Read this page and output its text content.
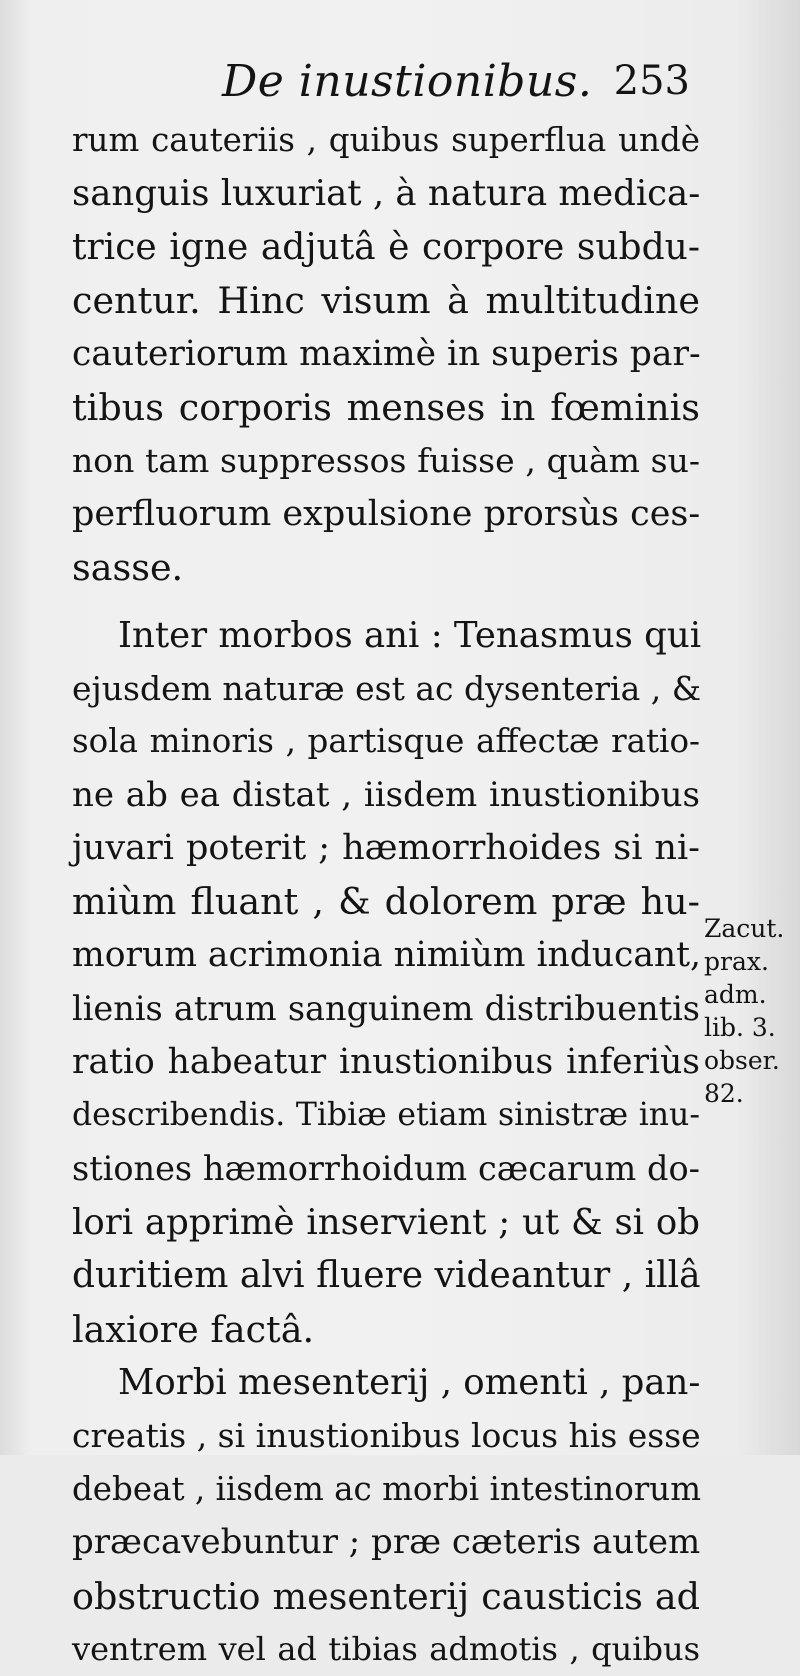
De inustionibus. 253
rum cauteriis , quibus superflua undè
sanguis luxuriat , à natura medica-
trice igne adjutâ è corpore subdu-
centur. Hinc visum à multitudine
cauteriorum maximè in superis par-
tibus corporis menses in fœminis
non tam suppressos fuisse , quàm su-
perfluorum expulsione prorsùs ces-
sasse.
Inter morbos ani : Tenasmus qui
ejusdem naturæ est ac dysenteria , &
sola minoris , partisque affectæ ratio-
ne ab ea distat , iisdem inustionibus
juvari poterit ; hæmorrhoides si ni-
miùm fluant , & dolorem præ hu-
morum acrimonia nimiùm inducant,
lienis atrum sanguinem distribuentis
ratio habeatur inustionibus inferiùs
describendis. Tibiæ etiam sinistræ inu-
stiones hæmorrhoidum cæcarum do-
lori apprimè inservient ; ut & si ob
duritiem alvi fluere videantur , illâ
laxiore factâ.
Morbi mesenterij , omenti , pan-
creatis , si inustionibus locus his esse
debeat , iisdem ac morbi intestinorum
præcavebuntur ; præ cæteris autem
obstructio mesenterij causticis ad
ventrem vel ad tibias admotis , quibus
Zacut.
prax.
adm.
lib. 3.
obser.
82.
